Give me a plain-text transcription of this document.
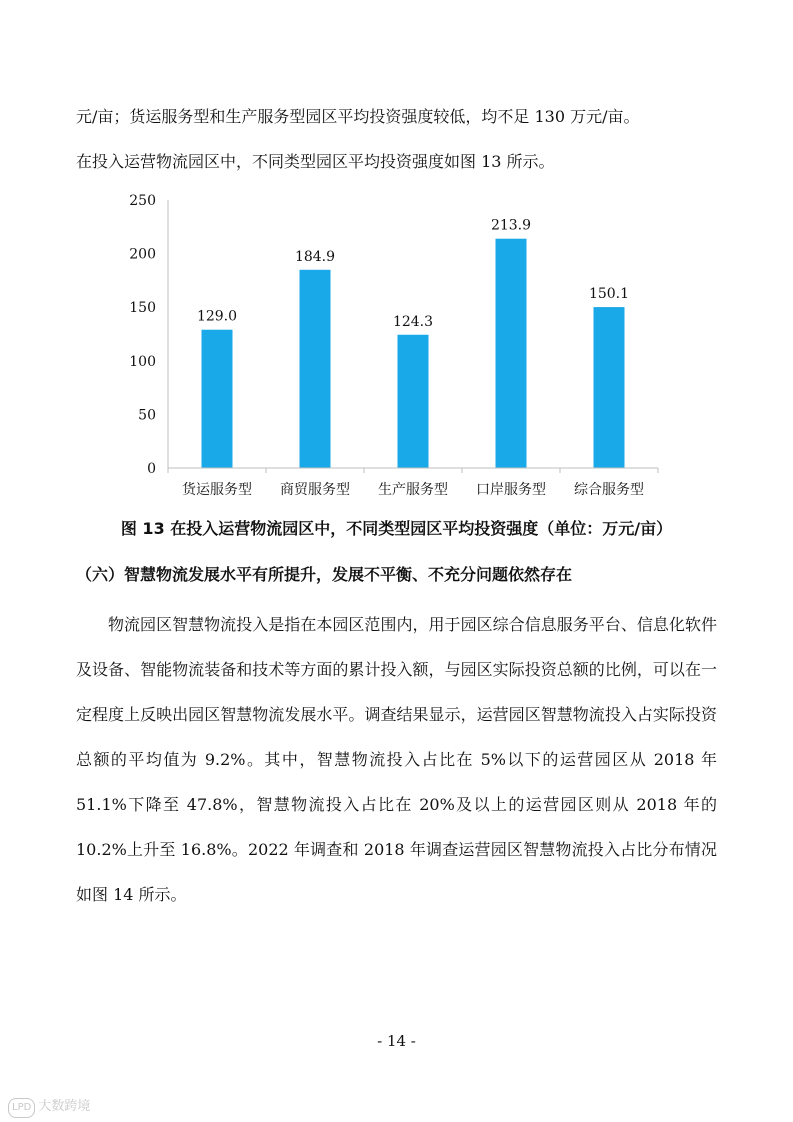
元/亩；货运服务型和生产服务型园区平均投资强度较低，均不足 130 万元/亩。
在投入运营物流园区中，不同类型园区平均投资强度如图 13 所示。
0
50
100
150
200
250
129.0
184.9
124.3
213.9
150.1
货运服务型 商贸服务型 生产服务型 口岸服务型 综合服务型
图 13 在投入运营物流园区中，不同类型园区平均投资强度（单位：万元/亩）
（六）智慧物流发展水平有所提升，发展不平衡、不充分问题依然存在

物流园区智慧物流投入是指在本园区范围内，用于园区综合信息服务平台、信息化软件及设备、智能物流装备和技术等方面的累计投入额，与园区实际投资总额的比例，可以在一定程度上反映出园区智慧物流发展水平。调查结果显示，运营园区智慧物流投入占实际投资总额的平均值为 9.2%。其中，智慧物流投入占比在 5%以下的运营园区从 2018 年 51.1%下降至 47.8%，智慧物流投入占比在 20%及以上的运营园区则从 2018 年的 10.2%上升至 16.8%。2022 年调查和 2018 年调查运营园区智慧物流投入占比分布情况如图 14 所示。

- 14 -
LPD 大数跨境
